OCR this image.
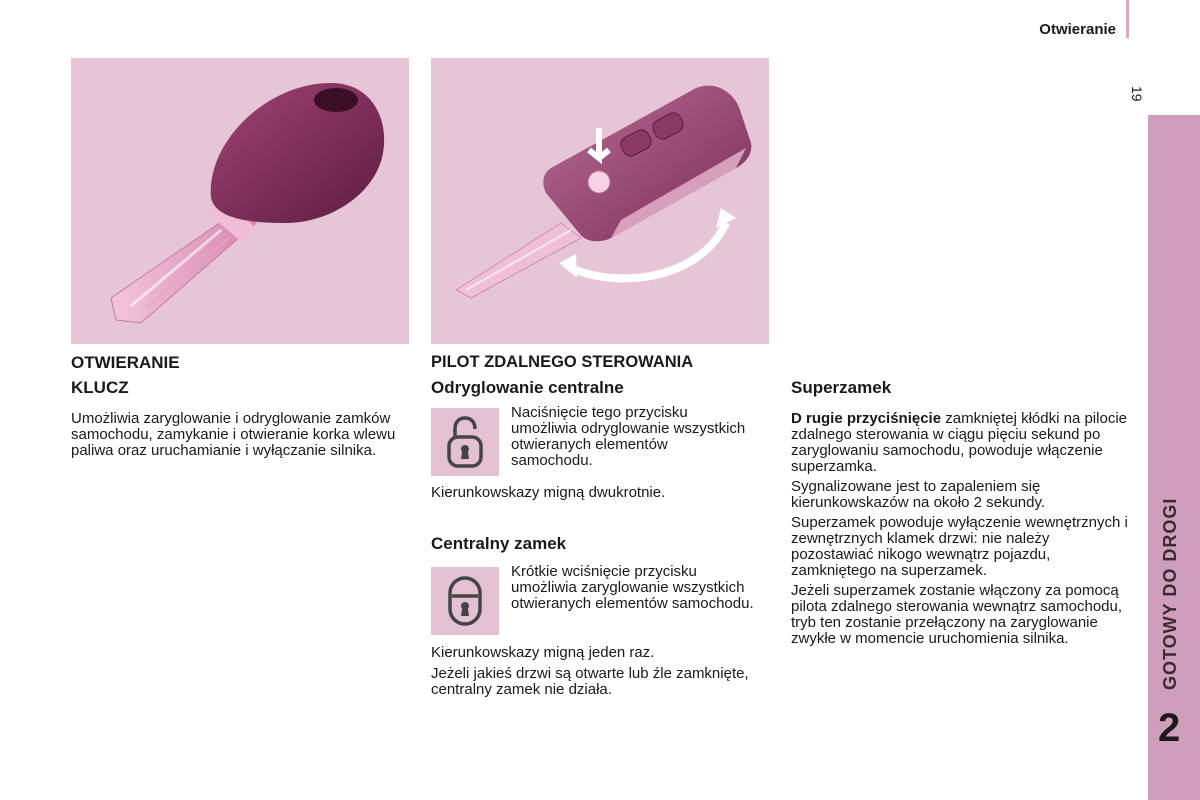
Otwieranie
19
GOTOWY DO DROGI
2
OTWIERANIE
KLUCZ
Umożliwia zaryglowanie i odryglowanie zamków samochodu, zamykanie i otwieranie korka wlewu paliwa oraz uruchamianie i wyłączanie silnika.
PILOT ZDALNEGO STEROWANIA
Odryglowanie centralne
Naciśnięcie tego przycisku umożliwia odryglowanie wszystkich otwieranych elementów samochodu.
Kierunkowskazy migną dwukrotnie.
Centralny zamek
Krótkie wciśnięcie przycisku umożliwia zaryglowanie wszystkich otwieranych elementów samochodu.
Kierunkowskazy migną jeden raz.
Jeżeli jakieś drzwi są otwarte lub źle zamknięte, centralny zamek nie działa.
Superzamek

D rugie przyciśnięcie zamkniętej kłódki na pilocie zdalnego sterowania w ciągu pięciu sekund po zaryglowaniu samochodu, powoduje włączenie superzamka.

Sygnalizowane jest to zapaleniem się kierunkowskazów na około 2 sekundy.

Superzamek powoduje wyłączenie wewnętrznych i zewnętrznych klamek drzwi: nie należy pozostawiać nikogo wewnątrz pojazdu, zamkniętego na superzamek.

Jeżeli superzamek zostanie włączony za pomocą pilota zdalnego sterowania wewnątrz samochodu, tryb ten zostanie przełączony na zaryglowanie zwykłe w momencie uruchomienia silnika.
